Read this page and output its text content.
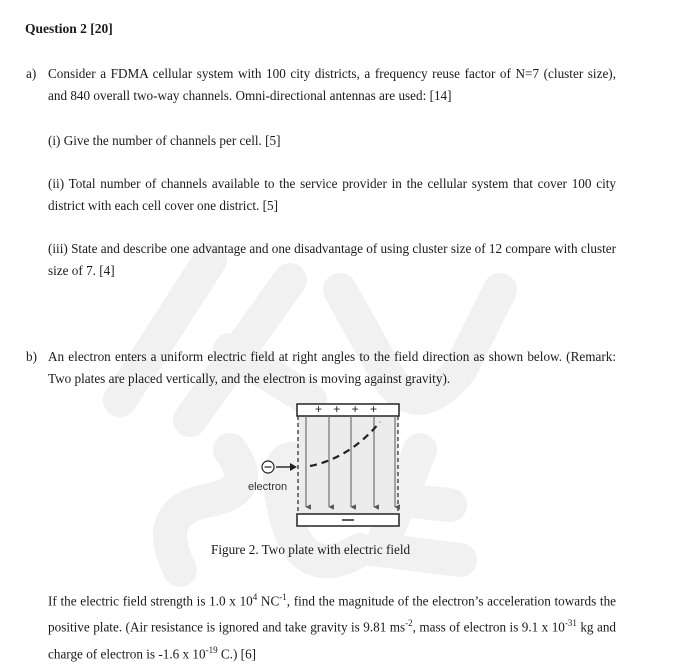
Question 2 [20]
a) Consider a FDMA cellular system with 100 city districts, a frequency reuse factor of N=7 (cluster size), and 840 overall two-way channels. Omni-directional antennas are used: [14]
(i) Give the number of channels per cell. [5]
(ii) Total number of channels available to the service provider in the cellular system that cover 100 city district with each cell cover one district. [5]
(iii) State and describe one advantage and one disadvantage of using cluster size of 12 compare with cluster size of 7. [4]
b) An electron enters a uniform electric field at right angles to the field direction as shown below. (Remark: Two plates are placed vertically, and the electron is moving against gravity).
+ + + +
electron
⊖
Figure 2. Two plate with electric field
If the electric field strength is 1.0 x $10^4$ $NC^{-1}$, find the magnitude of the electron’s acceleration towards the positive plate. (Air resistance is ignored and take gravity is 9.81 $ms^{-2}$, mass of electron is 9.1 x $10^{-31}$ kg and charge of electron is -1.6 x $10^{-19}$ C.) [6]
